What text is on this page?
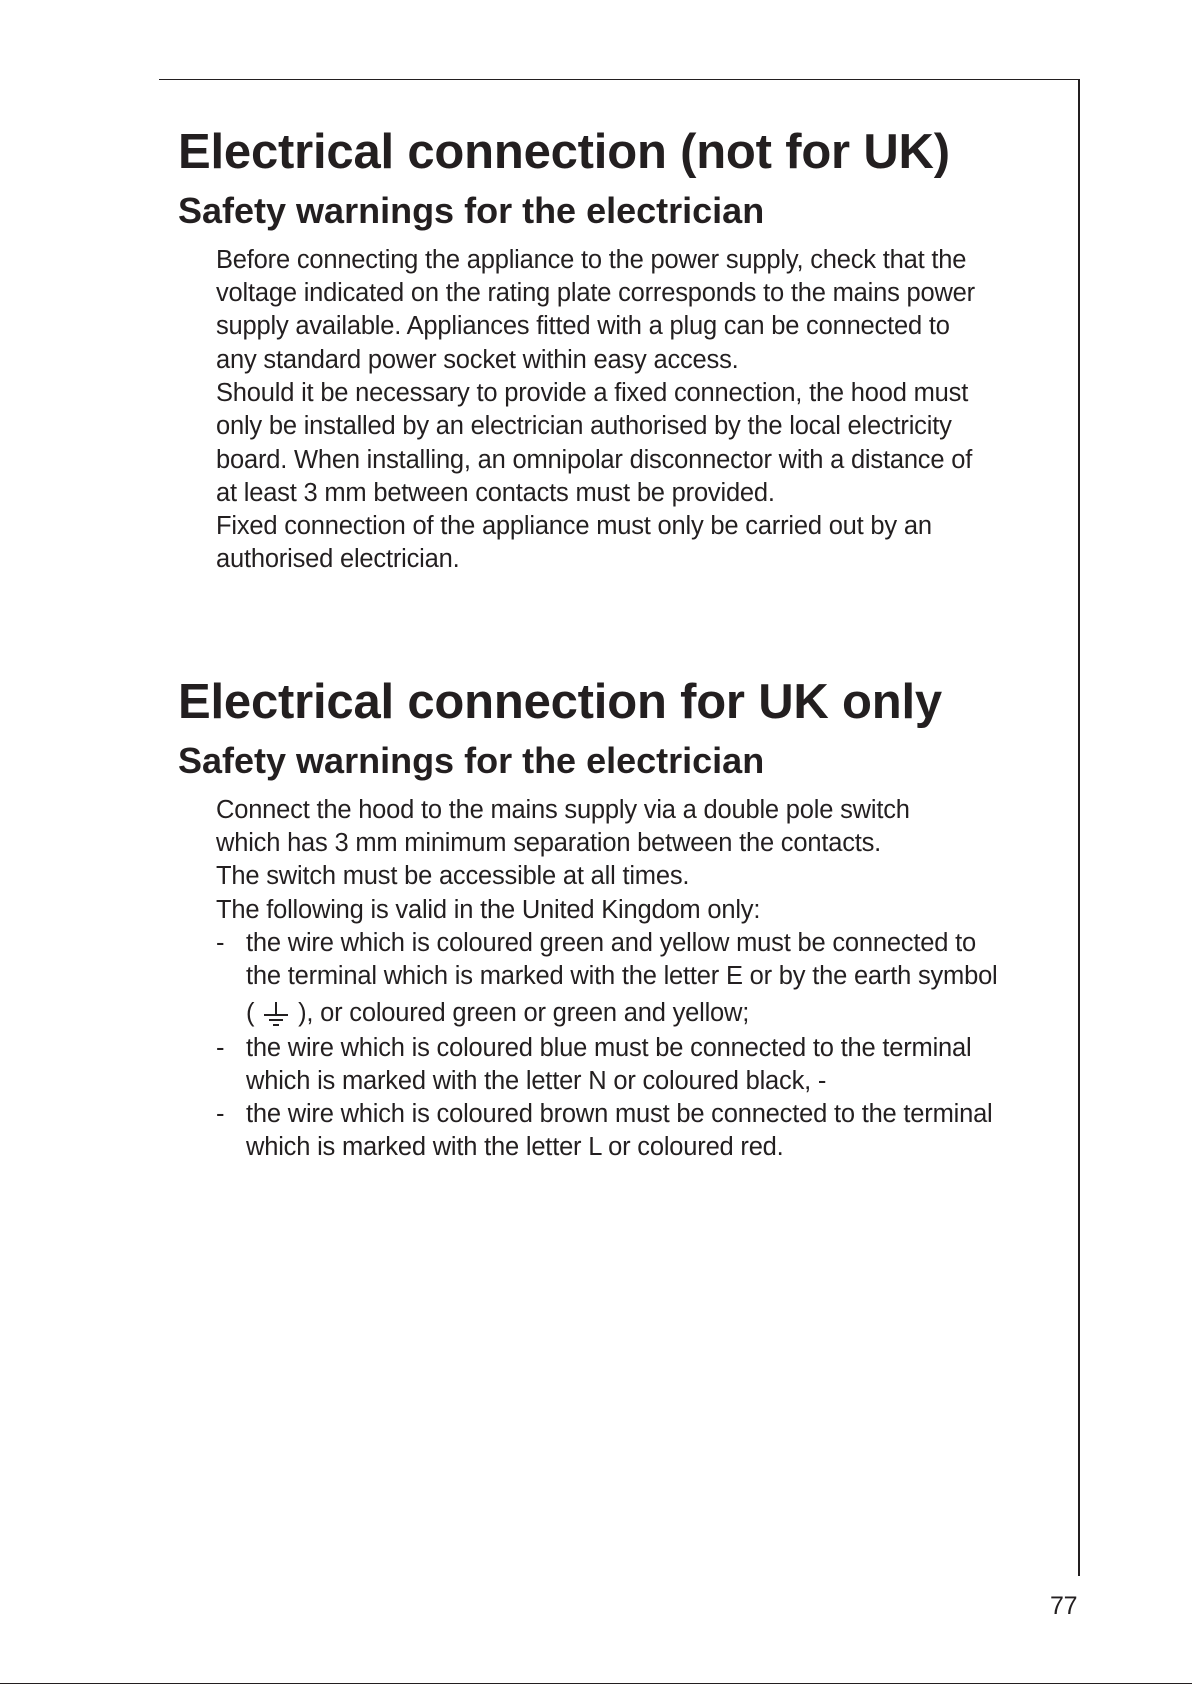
Electrical connection (not for UK)
Safety warnings for the electrician
Before connecting the appliance to the power supply, check that the
voltage indicated on the rating plate corresponds to the mains power
supply available. Appliances fitted with a plug can be connected to
any standard power socket within easy access.
Should it be necessary to provide a fixed connection, the hood must
only be installed by an electrician authorised by the local electricity
board. When installing, an omnipolar disconnector with a distance of
at least 3 mm between contacts must be provided.
Fixed connection of the appliance must only be carried out by an
authorised electrician.
Electrical connection for UK only
Safety warnings for the electrician
Connect the hood to the mains supply via a double pole switch
which has 3 mm minimum separation between the contacts.
The switch must be accessible at all times.
The following is valid in the United Kingdom only:
- the wire which is coloured green and yellow must be connected to
the terminal which is marked with the letter E or by the earth symbol
( ), or coloured green or green and yellow;
- the wire which is coloured blue must be connected to the terminal
which is marked with the letter N or coloured black, -
- the wire which is coloured brown must be connected to the terminal
which is marked with the letter L or coloured red.
77
